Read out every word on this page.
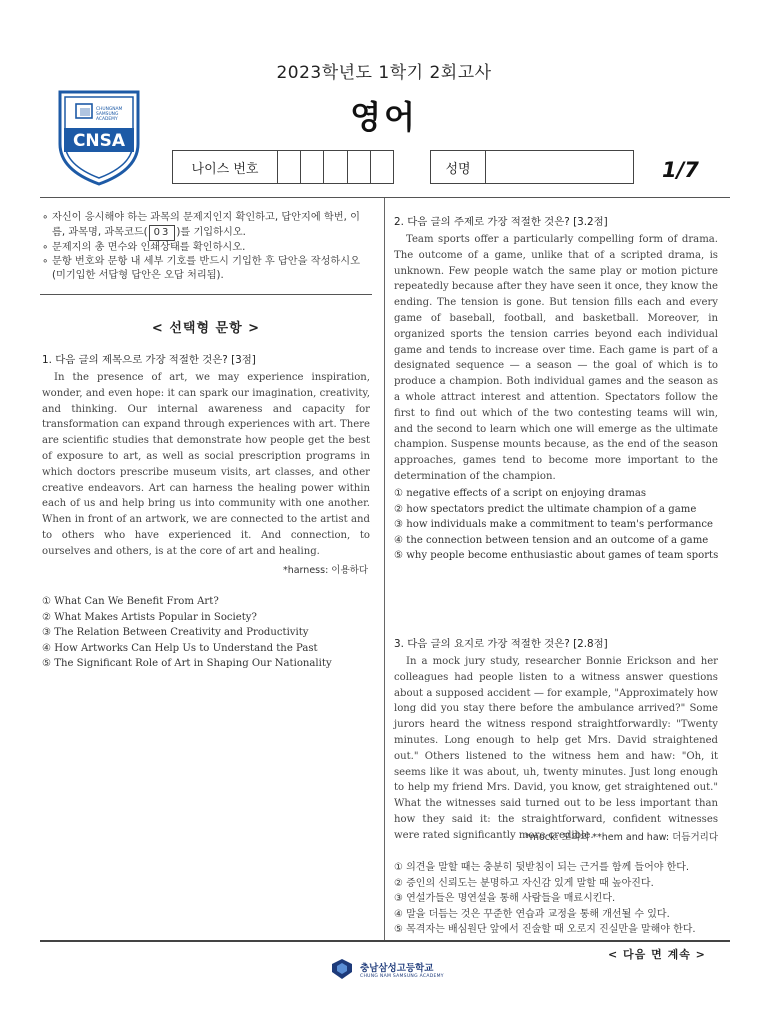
2023학년도 1학기 2회고사
영어
CHUNGNAM
SAMSUNG
ACADEMY
CNSA
나이스 번호	성명	1/7
∘ 자신이 응시해야 하는 과목의 문제지인지 확인하고, 답안지에 학번, 이름, 과목명, 과목코드( 03 )를 기입하시오.
∘ 문제지의 총 면수와 인쇄상태를 확인하시오.
∘ 문항 번호와 문항 내 세부 기호를 반드시 기입한 후 답안을 작성하시오(미기입한 서답형 답안은 오답 처리됨).
< 선택형 문항 >
1. 다음 글의 제목으로 가장 적절한 것은? [3점]

In the presence of art, we may experience inspiration, wonder, and even hope: it can spark our imagination, creativity, and thinking. Our internal awareness and capacity for transformation can expand through experiences with art. There are scientific studies that demonstrate how people get the best of exposure to art, as well as social prescription programs in which doctors prescribe museum visits, art classes, and other creative endeavors. Art can harness the healing power within each of us and help bring us into community with one another. When in front of an artwork, we are connected to the artist and to others who have experienced it. And connection, to ourselves and others, is at the core of art and healing.

*harness: 이용하다
① What Can We Benefit From Art?
② What Makes Artists Popular in Society?
③ The Relation Between Creativity and Productivity
④ How Artworks Can Help Us to Understand the Past
⑤ The Significant Role of Art in Shaping Our Nationality
2. 다음 글의 주제로 가장 적절한 것은? [3.2점]

Team sports offer a particularly compelling form of drama. The outcome of a game, unlike that of a scripted drama, is unknown. Few people watch the same play or motion picture repeatedly because after they have seen it once, they know the ending. The tension is gone. But tension fills each and every game of baseball, football, and basketball. Moreover, in organized sports the tension carries beyond each individual game and tends to increase over time. Each game is part of a designated sequence — a season — the goal of which is to produce a champion. Both individual games and the season as a whole attract interest and attention. Spectators follow the first to find out which of the two contesting teams will win, and the second to learn which one will emerge as the ultimate champion. Suspense mounts because, as the end of the season approaches, games tend to become more important to the determination of the champion.

① negative effects of a script on enjoying dramas
② how spectators predict the ultimate champion of a game
③ how individuals make a commitment to team's performance
④ the connection between tension and an outcome of a game
⑤ why people become enthusiastic about games of team sports
3. 다음 글의 요지로 가장 적절한 것은? [2.8점]

In a mock jury study, researcher Bonnie Erickson and her colleagues had people listen to a witness answer questions about a supposed accident — for example, "Approximately how long did you stay there before the ambulance arrived?" Some jurors heard the witness respond straightforwardly: "Twenty minutes. Long enough to help get Mrs. David straightened out." Others listened to the witness hem and haw: "Oh, it seems like it was about, uh, twenty minutes. Just long enough to help my friend Mrs. David, you know, get straightened out." What the witnesses said turned out to be less important than how they said it: the straightforward, confident witnesses were rated significantly more credible.

*mock: 모의의 **hem and haw: 더듬거리다
① 의견을 말할 때는 충분히 뒷받침이 되는 근거를 함께 들어야 한다.
② 증인의 신뢰도는 분명하고 자신감 있게 말할 때 높아진다.
③ 연설가들은 명연설을 통해 사람들을 매료시킨다.
④ 말을 더듬는 것은 꾸준한 연습과 교정을 통해 개선될 수 있다.
⑤ 목격자는 배심원단 앞에서 진술할 때 오로지 진실만을 말해야 한다.
< 다음 면 계속 >
충남삼성고등학교
CHUNG NAM SAMSUNG ACADEMY
